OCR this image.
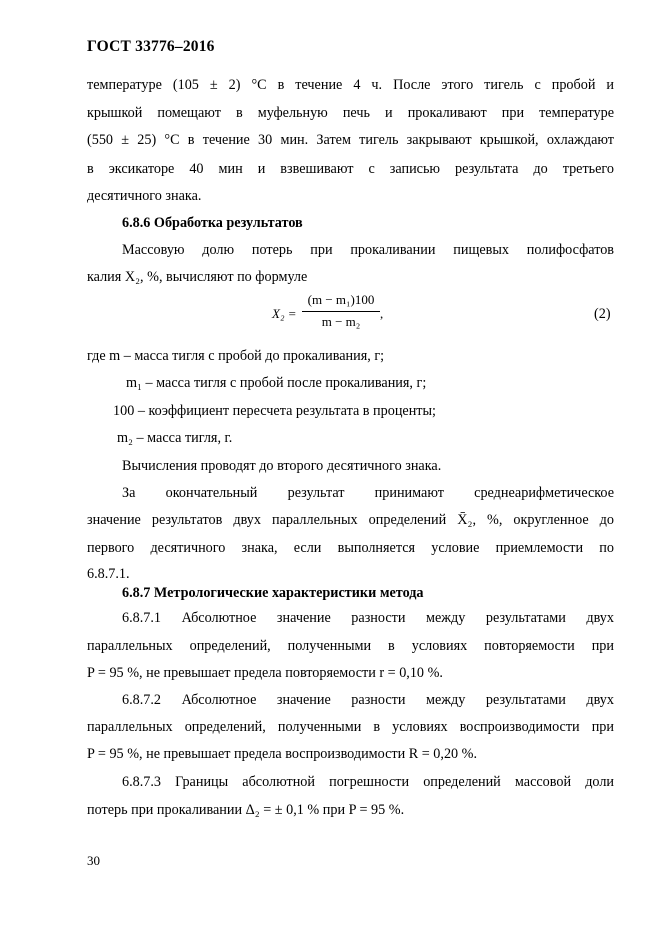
ГОСТ 33776–2016
температуре (105 ± 2) °C в течение 4 ч. После этого тигель с пробой и
крышкой помещают в муфельную печь и прокаливают при температуре
(550 ± 25) °C в течение 30 мин. Затем тигель закрывают крышкой, охлаждают
в эксикаторе 40 мин и взвешивают с записью результата до третьего
десятичного знака.
6.8.6 Обработка результатов
Массовую долю потерь при прокаливании пищевых полифосфатов
калия X₂, %, вычисляют по формуле
X₂ =
(m − m₁)100
m − m₂
,	(2)
где m – масса тигля с пробой до прокаливания, г;
m₁ – масса тигля с пробой после прокаливания, г;
100 – коэффициент пересчета результата в проценты;
m₂ – масса тигля, г.
Вычисления проводят до второго десятичного знака.
За окончательный результат принимают среднеарифметическое
значение результатов двух параллельных определений X̄₂, %, округленное до
первого десятичного знака, если выполняется условие приемлемости по
6.8.7.1.
6.8.7 Метрологические характеристики метода
6.8.7.1 Абсолютное значение разности между результатами двух
параллельных определений, полученными в условиях повторяемости при
P = 95 %, не превышает предела повторяемости r = 0,10 %.
6.8.7.2 Абсолютное значение разности между результатами двух
параллельных определений, полученными в условиях воспроизводимости при
P = 95 %, не превышает предела воспроизводимости R = 0,20 %.
6.8.7.3 Границы абсолютной погрешности определений массовой доли
потерь при прокаливании Δ₂ = ± 0,1 % при P = 95 %.
30
